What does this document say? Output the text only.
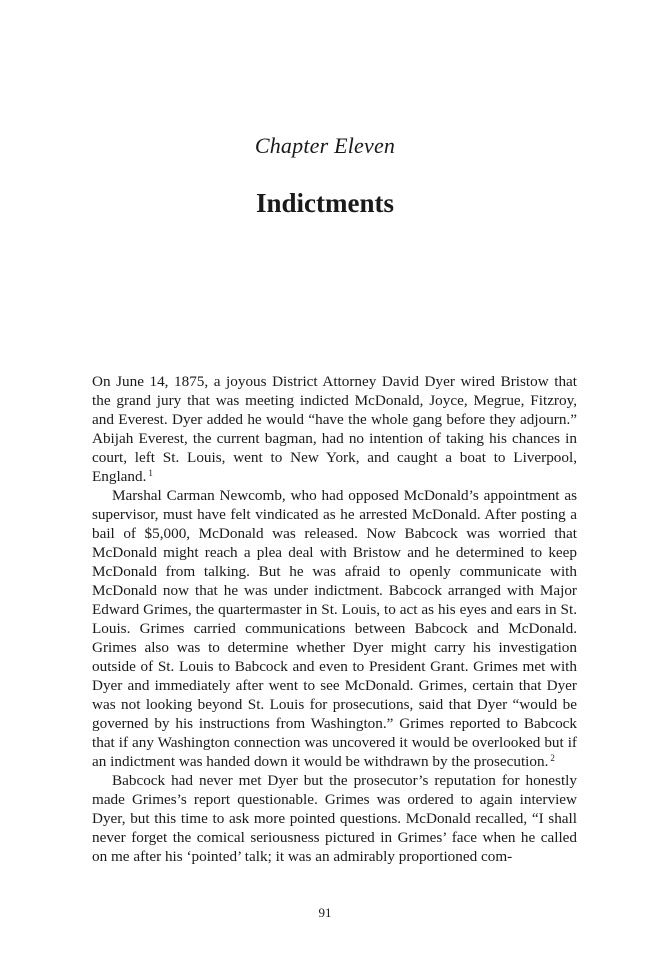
Chapter Eleven
Indictments

On June 14, 1875, a joyous District Attorney David Dyer wired Bristow that the grand jury that was meeting indicted McDonald, Joyce, Megrue, Fitzroy, and Everest. Dyer added he would “have the whole gang before they adjourn.” Abijah Everest, the current bagman, had no intention of taking his chances in court, left St. Louis, went to New York, and caught a boat to Liverpool, England. $^1$

Marshal Carman Newcomb, who had opposed McDonald’s appointment as supervisor, must have felt vindicated as he arrested McDonald. After posting a bail of $5,000, McDonald was released. Now Babcock was worried that McDonald might reach a plea deal with Bristow and he determined to keep McDonald from talking. But he was afraid to openly communicate with McDonald now that he was under indictment. Babcock arranged with Major Edward Grimes, the quartermaster in St. Louis, to act as his eyes and ears in St. Louis. Grimes carried communications between Babcock and McDonald. Grimes also was to determine whether Dyer might carry his investigation outside of St. Louis to Babcock and even to President Grant. Grimes met with Dyer and immediately after went to see McDonald. Grimes, certain that Dyer was not looking beyond St. Louis for prosecutions, said that Dyer “would be governed by his instructions from Washington.” Grimes reported to Babcock that if any Washington connection was uncovered it would be overlooked but if an indictment was handed down it would be withdrawn by the prosecution. $^2$

Babcock had never met Dyer but the prosecutor’s reputation for honestly made Grimes’s report questionable. Grimes was ordered to again interview Dyer, but this time to ask more pointed questions. McDonald recalled, “I shall never forget the comical seriousness pictured in Grimes’ face when he called on me after his ‘pointed’ talk; it was an admirably proportioned com-

91
